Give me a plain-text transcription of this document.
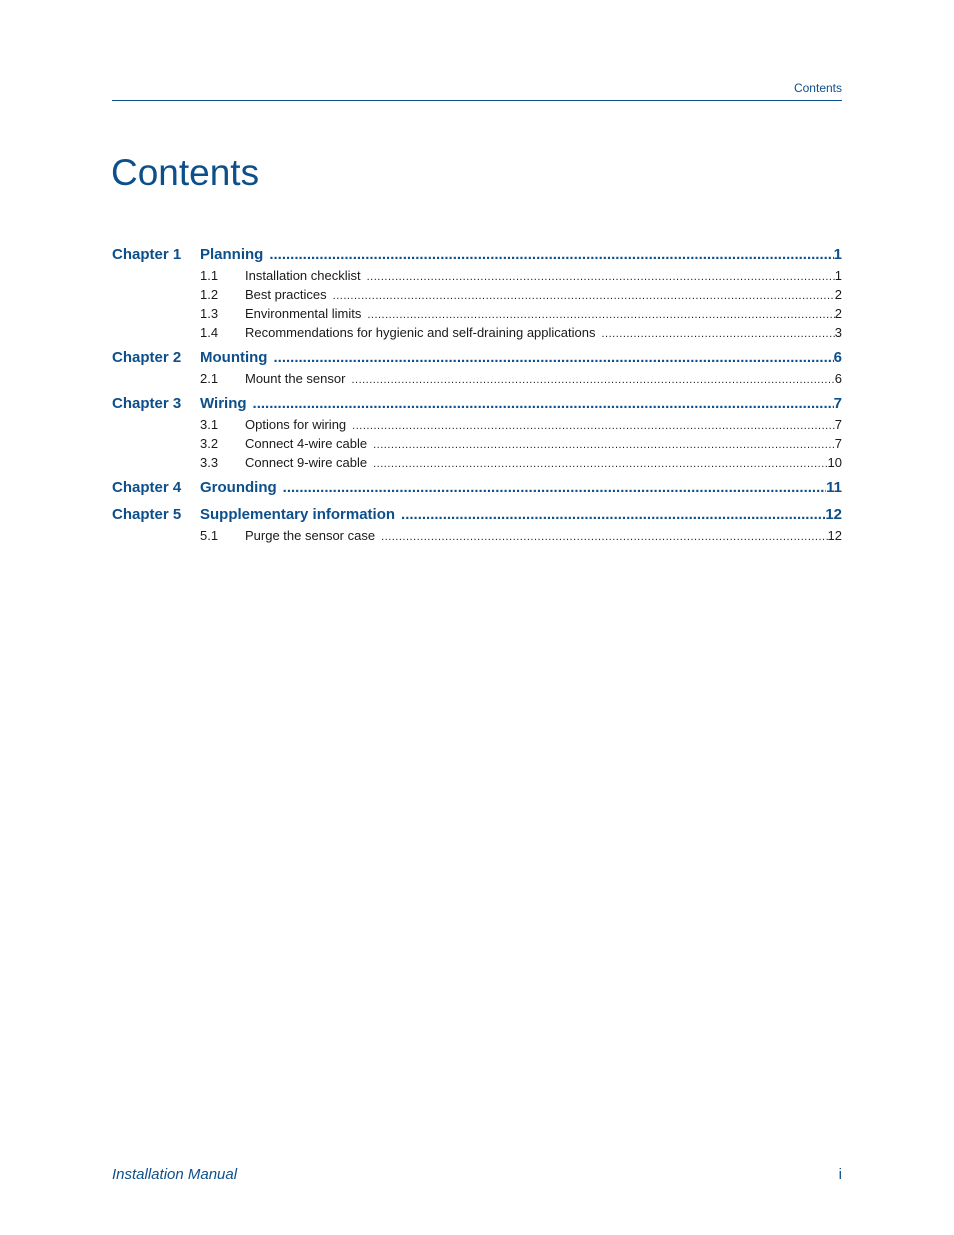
Contents
Contents
Chapter 1	Planning .....	1
1.1	Installation checklist .....	1
1.2	Best practices .....	2
1.3	Environmental limits .....	2
1.4	Recommendations for hygienic and self-draining applications .....	3
Chapter 2	Mounting .....	6
2.1	Mount the sensor .....	6
Chapter 3	Wiring .....	7
3.1	Options for wiring .....	7
3.2	Connect 4-wire cable .....	7
3.3	Connect 9-wire cable .....	10
Chapter 4	Grounding .....	11
Chapter 5	Supplementary information .....	12
5.1	Purge the sensor case .....	12
Installation Manual	i
